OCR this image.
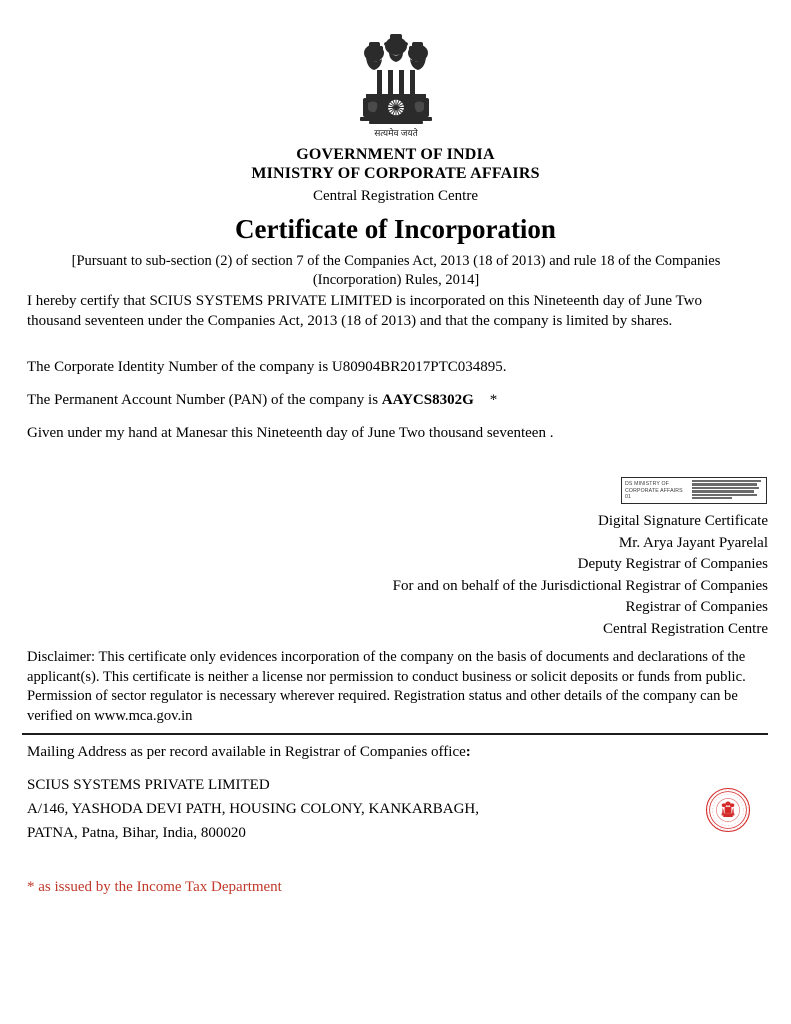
सत्यमेव जयते
GOVERNMENT OF INDIA
MINISTRY OF CORPORATE AFFAIRS
Central Registration Centre
Certificate of Incorporation
[Pursuant to sub-section (2) of section 7 of the Companies Act, 2013 (18 of 2013) and rule 18 of the Companies (Incorporation) Rules, 2014]
I hereby certify that SCIUS SYSTEMS PRIVATE LIMITED is incorporated on this Nineteenth day of June Two thousand seventeen under the Companies Act, 2013 (18 of 2013) and that the company is limited by shares.
The Corporate Identity Number of the company is U80904BR2017PTC034895.
The Permanent Account Number (PAN) of the company is AAYCS8302G *
Given under my hand at Manesar this Nineteenth day of June Two thousand seventeen .
DS MINISTRY OF
CORPORATE AFFAIRS 01
Digital Signature Certificate
Mr. Arya Jayant Pyarelal
Deputy Registrar of Companies
For and on behalf of the Jurisdictional Registrar of Companies
Registrar of Companies
Central Registration Centre
Disclaimer: This certificate only evidences incorporation of the company on the basis of documents and declarations of the applicant(s). This certificate is neither a license nor permission to conduct business or solicit deposits or funds from public. Permission of sector regulator is necessary wherever required. Registration status and other details of the company can be verified on www.mca.gov.in
Mailing Address as per record available in Registrar of Companies office:
SCIUS SYSTEMS PRIVATE LIMITED
A/146, YASHODA DEVI PATH, HOUSING COLONY, KANKARBAGH,
PATNA, Patna, Bihar, India, 800020
* as issued by the Income Tax Department
